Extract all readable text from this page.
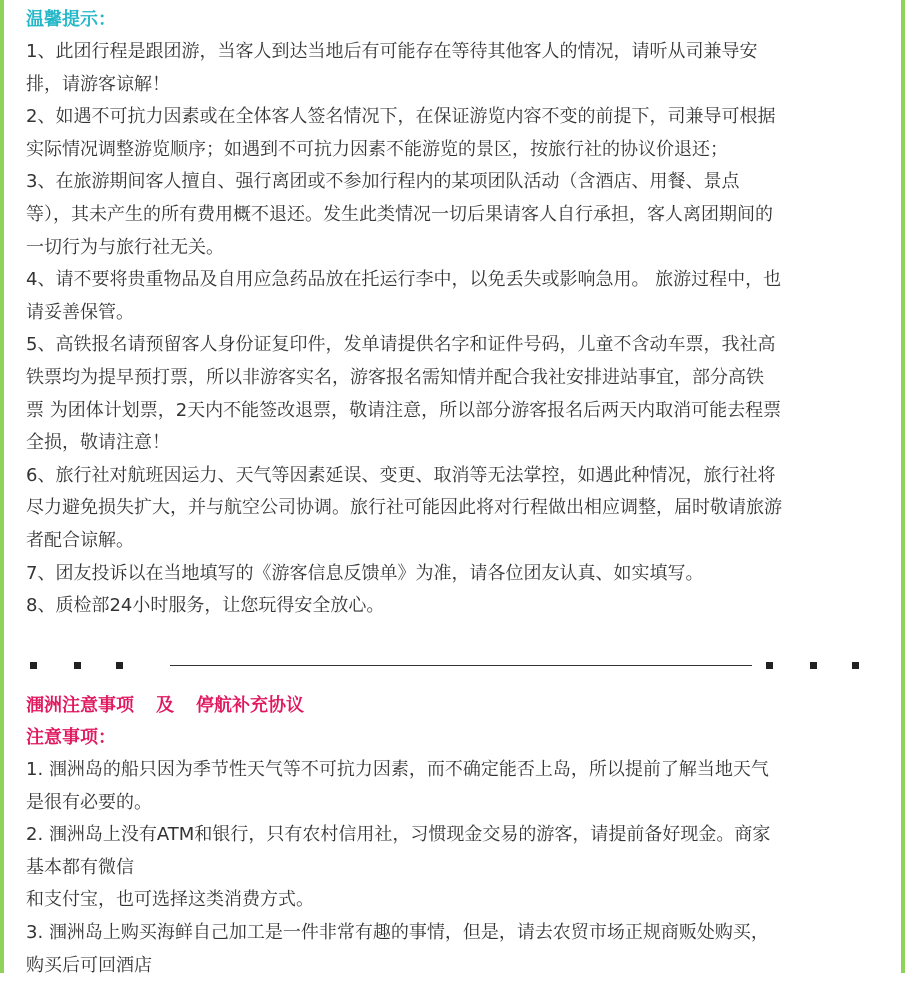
温馨提示：
1、此团行程是跟团游，当客人到达当地后有可能存在等待其他客人的情况，请听从司兼导安
排，请游客谅解！
2、如遇不可抗力因素或在全体客人签名情况下，在保证游览内容不变的前提下，司兼导可根据
实际情况调整游览顺序；如遇到不可抗力因素不能游览的景区，按旅行社的协议价退还；
3、在旅游期间客人擅自、强行离团或不参加行程内的某项团队活动（含酒店、用餐、景点
等），其未产生的所有费用概不退还。发生此类情况一切后果请客人自行承担，客人离团期间的
一切行为与旅行社无关。
4、请不要将贵重物品及自用应急药品放在托运行李中，以免丢失或影响急用。 旅游过程中，也
请妥善保管。
5、高铁报名请预留客人身份证复印件，发单请提供名字和证件号码，儿童不含动车票，我社高
铁票均为提早预打票，所以非游客实名，游客报名需知情并配合我社安排进站事宜，部分高铁
票 为团体计划票，2天内不能签改退票，敬请注意，所以部分游客报名后两天内取消可能去程票
全损，敬请注意！
6、旅行社对航班因运力、天气等因素延误、变更、取消等无法掌控，如遇此种情况，旅行社将
尽力避免损失扩大，并与航空公司协调。旅行社可能因此将对行程做出相应调整，届时敬请旅游
者配合谅解。
7、团友投诉以在当地填写的《游客信息反馈单》为准，请各位团友认真、如实填写。
8、质检部24小时服务，让您玩得安全放心。
涠洲注意事项 及 停航补充协议
注意事项：
1. 涠洲岛的船只因为季节性天气等不可抗力因素，而不确定能否上岛，所以提前了解当地天气
是很有必要的。
2. 涠洲岛上没有ATM和银行，只有农村信用社，习惯现金交易的游客，请提前备好现金。商家
基本都有微信
和支付宝，也可选择这类消费方式。
3. 涠洲岛上购买海鲜自己加工是一件非常有趣的事情，但是，请去农贸市场正规商贩处购买，
购买后可回酒店
